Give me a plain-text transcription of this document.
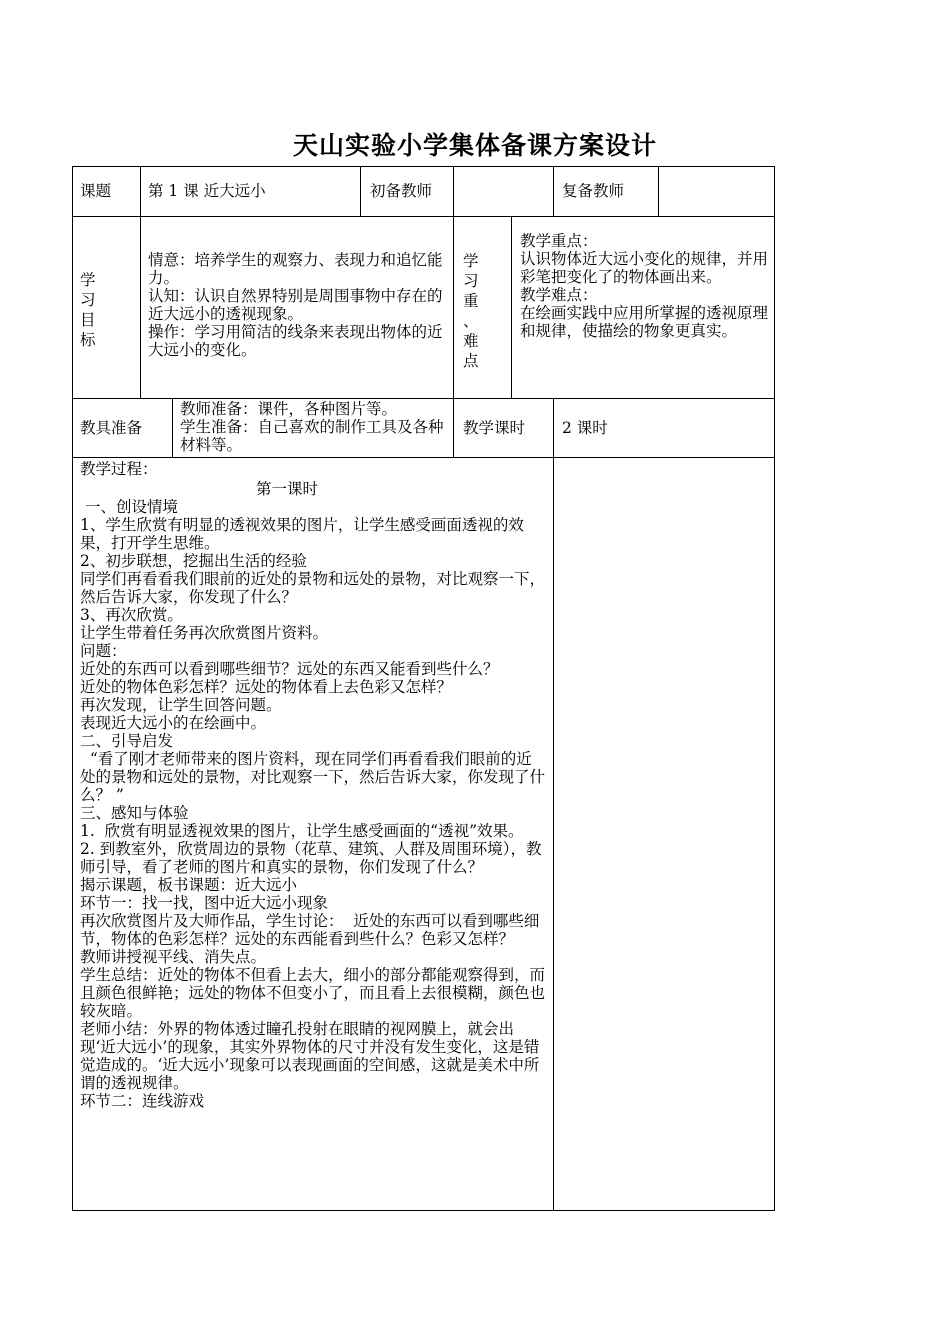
天山实验小学集体备课方案设计
课题 第 1 课 近大远小	初备教师	复备教师
学
习
目
标
情意：培养学生的观察力、表现力和追忆能力。
认知：认识自然界特别是周围事物中存在的近大远小的透视现象。
操作：学习用简洁的线条来表现出物体的近大远小的变化。
学
习
重
、
难
点
教学重点：
认识物体近大远小变化的规律，并用彩笔把变化了的物体画出来。
教学难点：
在绘画实践中应用所掌握的透视原理和规律，使描绘的物象更真实。
教具准备
教师准备：课件，各种图片等。
学生准备：自己喜欢的制作工具及各种材料等。
教学课时 2 课时
教学过程：
第一课时
一、创设情境
1、学生欣赏有明显的透视效果的图片，让学生感受画面透视的效果，打开学生思维。
2、初步联想，挖掘出生活的经验
同学们再看看我们眼前的近处的景物和远处的景物，对比观察一下，然后告诉大家，你发现了什么？
3、再次欣赏。
让学生带着任务再次欣赏图片资料。
问题：
近处的东西可以看到哪些细节？远处的东西又能看到些什么？
近处的物体色彩怎样？远处的物体看上去色彩又怎样？
再次发现，让学生回答问题。
表现近大远小的在绘画中。
二、引导启发
“看了刚才老师带来的图片资料，现在同学们再看看我们眼前的近处的景物和远处的景物，对比观察一下，然后告诉大家，你发现了什么？ ”
三、感知与体验
1.  欣赏有明显透视效果的图片，让学生感受画面的“透视”效果。
2. 到教室外，欣赏周边的景物（花草、建筑、人群及周围环境），教师引导，看了老师的图片和真实的景物，你们发现了什么？
揭示课题，板书课题：近大远小
环节一：找一找，图中近大远小现象
再次欣赏图片及大师作品，学生讨论：  近处的东西可以看到哪些细节，物体的色彩怎样？远处的东西能看到些什么？色彩又怎样？
教师讲授视平线、消失点。
学生总结：近处的物体不但看上去大，细小的部分都能观察得到，而且颜色很鲜艳；远处的物体不但变小了，而且看上去很模糊，颜色也较灰暗。
老师小结：外界的物体透过瞳孔投射在眼睛的视网膜上，就会出现‘近大远小’的现象，其实外界物体的尺寸并没有发生变化，这是错觉造成的。‘近大远小’现象可以表现画面的空间感，这就是美术中所谓的透视规律。
环节二：连线游戏
